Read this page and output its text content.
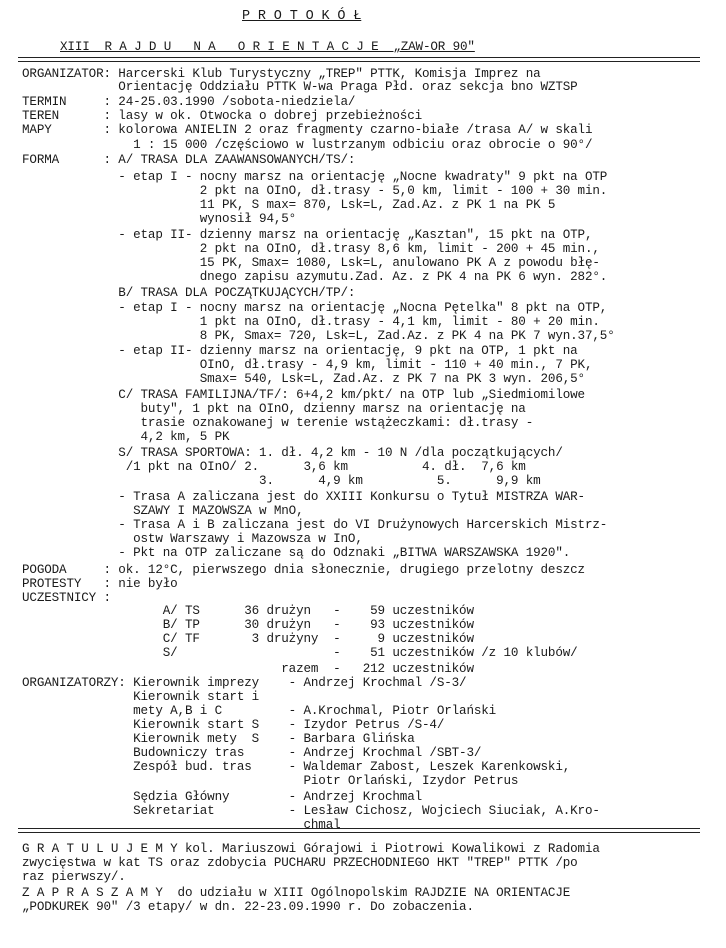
P R O T O K Ó Ł
XIII  R A J D U   N A   O R I E N T A C J E  „ZAW-OR 90"
ORGANIZATOR: Harcerski Klub Turystyczny „TREP" PTTK, Komisja Imprez na
Orientację Oddziału PTTK W-wa Praga Płd. oraz sekcja bno WZTSP
TERMIN     : 24-25.03.1990 /sobota-niedziela/
TEREN      : lasy w ok. Otwocka o dobrej przebieżności
MAPY       : kolorowa ANIELIN 2 oraz fragmenty czarno-białe /trasa A/ w skali
1 : 15 000 /częściowo w lustrzanym odbiciu oraz obrocie o 90°/
FORMA      : A/ TRASA DLA ZAAWANSOWANYCH/TS/:
- etap I - nocny marsz na orientację „Nocne kwadraty" 9 pkt na OTP
2 pkt na OInO, dł.trasy - 5,0 km, limit - 100 + 30 min.
11 PK, S max= 870, Lsk=L, Zad.Az. z PK 1 na PK 5
wynosił 94,5°
- etap II- dzienny marsz na orientację „Kasztan", 15 pkt na OTP,
2 pkt na OInO, dł.trasy 8,6 km, limit - 200 + 45 min.,
15 PK, Smax= 1080, Lsk=L, anulowano PK A z powodu błę-
dnego zapisu azymutu.Zad. Az. z PK 4 na PK 6 wyn. 282°.
B/ TRASA DLA POCZĄTKUJĄCYCH/TP/:
- etap I - nocny marsz na orientację „Nocna Pętelka" 8 pkt na OTP,
1 pkt na OInO, dł.trasy - 4,1 km, limit - 80 + 20 min.
8 PK, Smax= 720, Lsk=L, Zad.Az. z PK 4 na PK 7 wyn.37,5°
- etap II- dzienny marsz na orientację, 9 pkt na OTP, 1 pkt na
OInO, dł.trasy - 4,9 km, limit - 110 + 40 min., 7 PK,
Smax= 540, Lsk=L, Zad.Az. z PK 7 na PK 3 wyn. 206,5°
C/ TRASA FAMILIJNA/TF/: 6+4,2 km/pkt/ na OTP lub „Siedmiomilowe
buty", 1 pkt na OInO, dzienny marsz na orientację na
trasie oznakowanej w terenie wstążeczkami: dł.trasy -
4,2 km, 5 PK
S/ TRASA SPORTOWA: 1. dł. 4,2 km - 10 N /dla początkujących/
/1 pkt na OInO/ 2.      3,6 km          4. dł.  7,6 km
3.      4,9 km          5.      9,9 km
- Trasa A zaliczana jest do XXIII Konkursu o Tytuł MISTRZA WAR-
SZAWY I MAZOWSZA w MnO,
- Trasa A i B zaliczana jest do VI Drużynowych Harcerskich Mistrz-
ostw Warszawy i Mazowsza w InO,
- Pkt na OTP zaliczane są do Odznaki „BITWA WARSZAWSKA 1920".
POGODA     : ok. 12°C, pierwszego dnia słonecznie, drugiego przelotny deszcz
PROTESTY   : nie było
UCZESTNICY :
A/ TS      36 drużyn   -    59 uczestników
B/ TP      30 drużyn   -    93 uczestników
C/ TF       3 drużyny  -     9 uczestników
S/                     -    51 uczestników /z 10 klubów/
razem  -   212 uczestników
ORGANIZATORZY: Kierownik imprezy    - Andrzej Krochmal /S-3/
Kierownik start i
mety A,B i C         - A.Krochmal, Piotr Orlański
Kierownik start S    - Izydor Petrus /S-4/
Kierownik mety  S    - Barbara Glińska
Budowniczy tras      - Andrzej Krochmal /SBT-3/
Zespół bud. tras     - Waldemar Zabost, Leszek Karenkowski,
Piotr Orlański, Izydor Petrus
Sędzia Główny        - Andrzej Krochmal
Sekretariat          - Lesław Cichosz, Wojciech Siuciak, A.Kro-
chmal
G R A T U L U J E M Y kol. Mariuszowi Górajowi i Piotrowi Kowalikowi z Radomia
zwycięstwa w kat TS oraz zdobycia PUCHARU PRZECHODNIEGO HKT "TREP" PTTK /po
raz pierwszy/.
Z A P R A S Z A M Y  do udziału w XIII Ogólnopolskim RAJDZIE NA ORIENTACJE
„PODKUREK 90" /3 etapy/ w dn. 22-23.09.1990 r. Do zobaczenia.
